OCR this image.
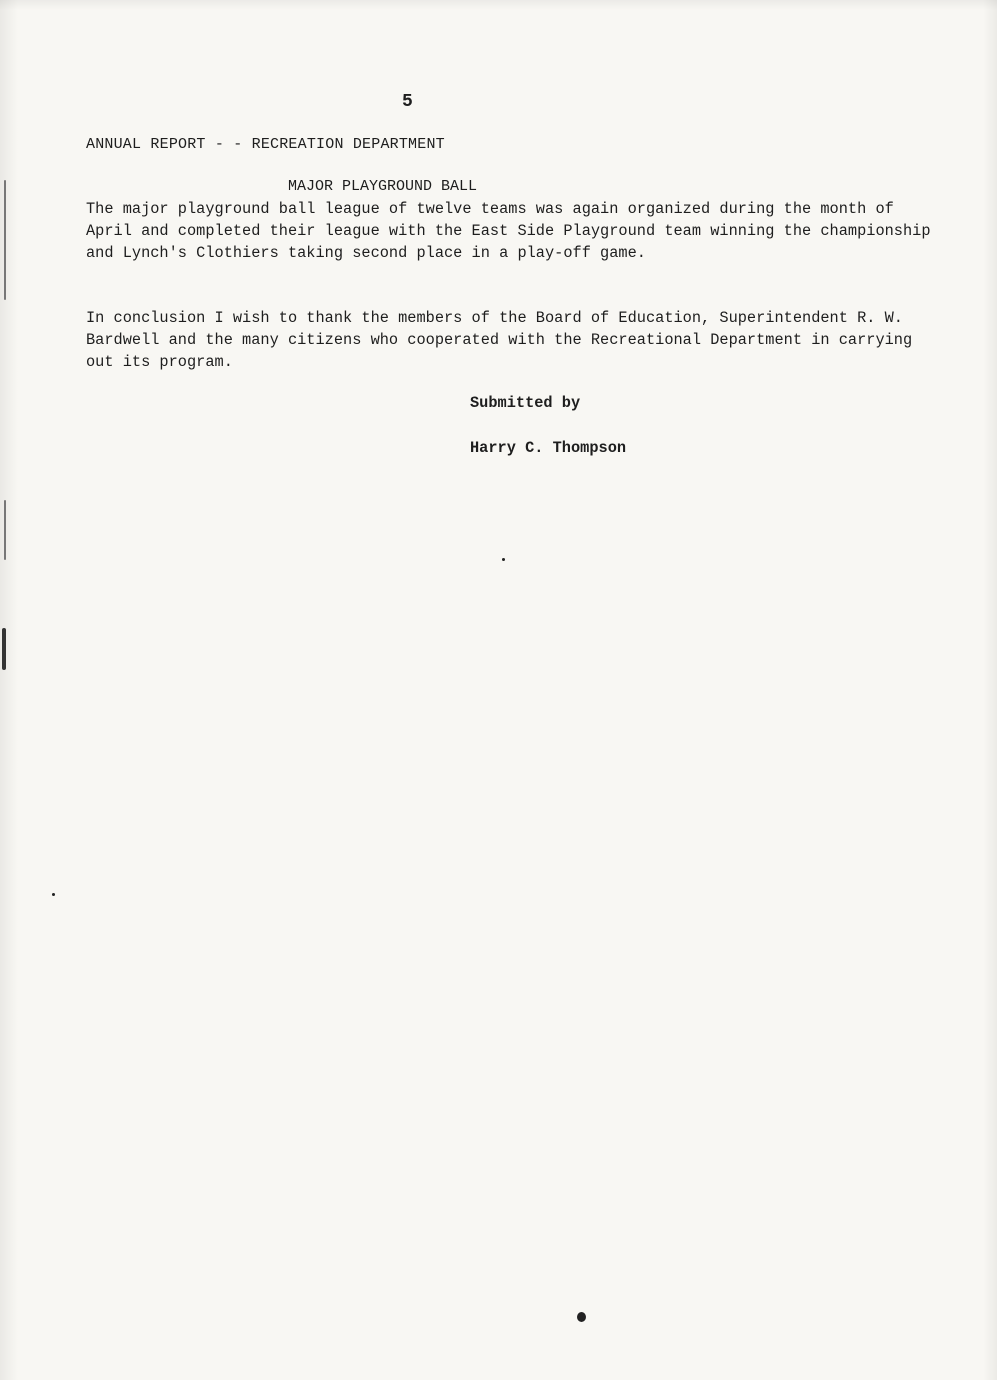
5
ANNUAL REPORT - - RECREATION DEPARTMENT
MAJOR PLAYGROUND BALL

The major playground ball league of twelve teams was again organized during the month of April and completed their league with the East Side Playground team winning the championship and Lynch's Clothiers taking second place in a play-off game.

In conclusion I wish to thank the members of the Board of Education, Superintendent R. W. Bardwell and the many citizens who cooperated with the Recreational Department in carrying out its program.

Submitted by
Harry C. Thompson
